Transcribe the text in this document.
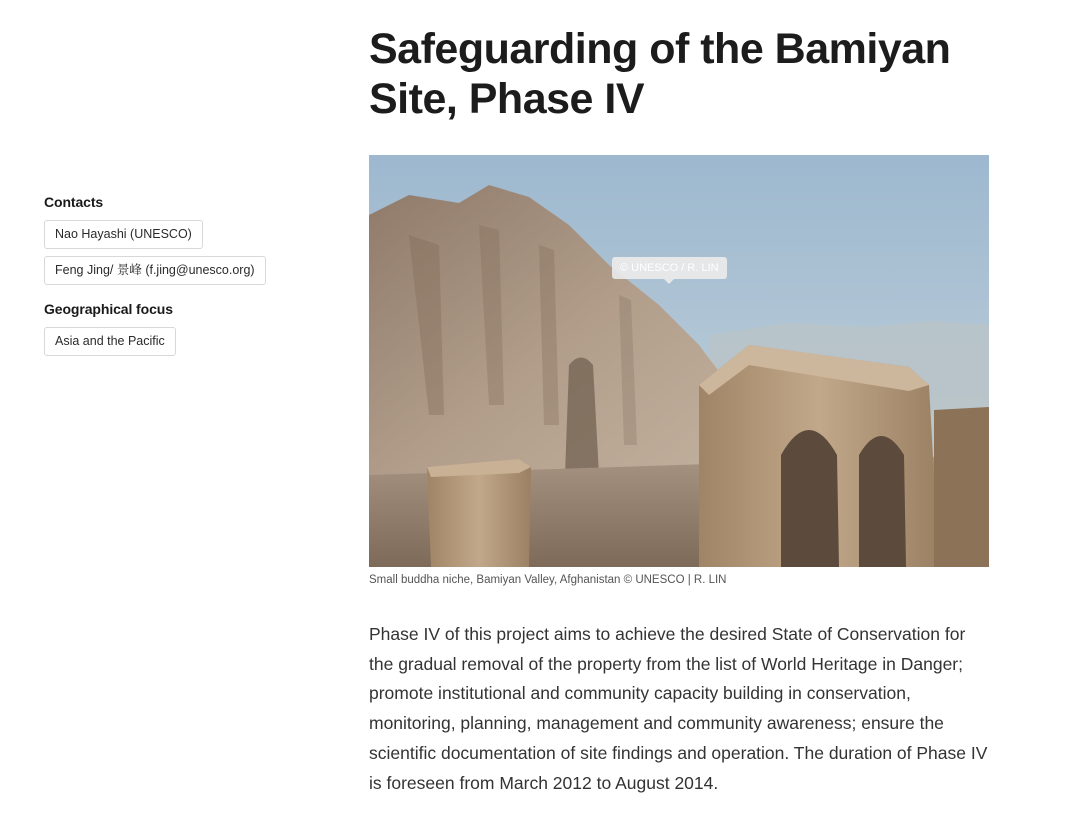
Contacts
Nao Hayashi (UNESCO)
Feng Jing/ 景峰 (f.jing@unesco.org)
Geographical focus
Asia and the Pacific
Safeguarding of the Bamiyan Site, Phase IV
© UNESCO / R. LIN
Small buddha niche, Bamiyan Valley, Afghanistan © UNESCO | R. LIN

Phase IV of this project aims to achieve the desired State of Conservation for the gradual removal of the property from the list of World Heritage in Danger; promote institutional and community capacity building in conservation, monitoring, planning, management and community awareness; ensure the scientific documentation of site findings and operation. The duration of Phase IV is foreseen from March 2012 to August 2014.
